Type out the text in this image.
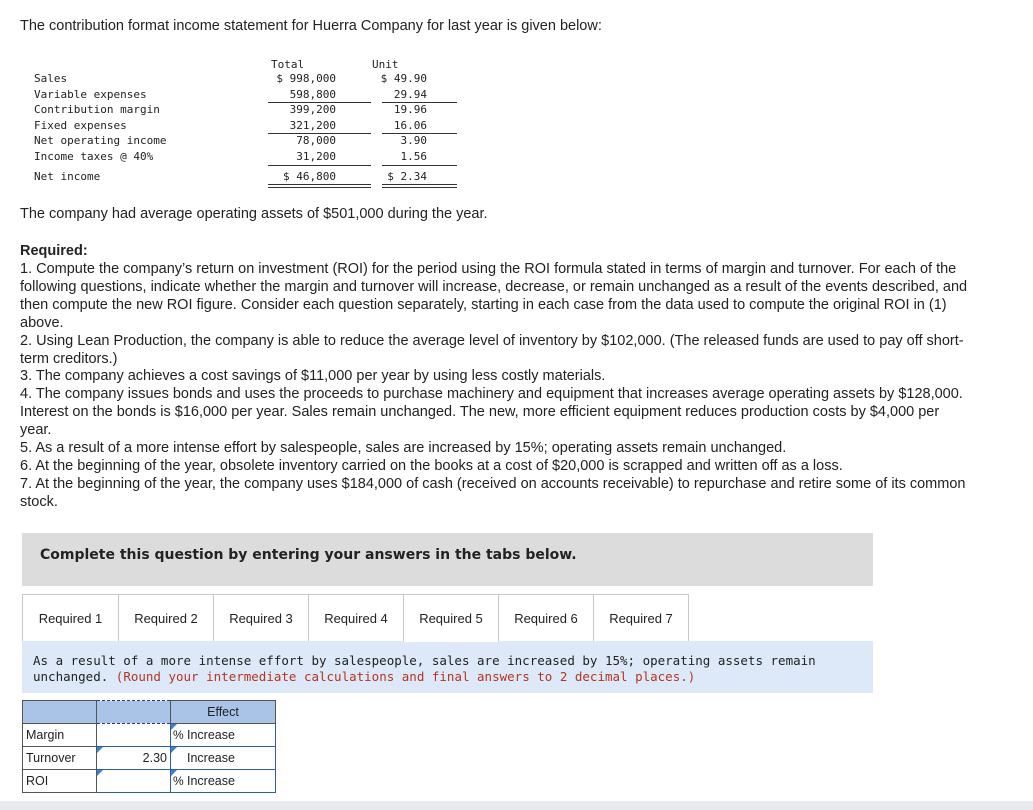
The contribution format income statement for Huerra Company for last year is given below:
Total	Unit
Sales	$ 998,000	$ 49.90
Variable expenses	598,800	29.94
Contribution margin	399,200	19.96
Fixed expenses	321,200	16.06
Net operating income	78,000	3.90
Income taxes @ 40%	31,200	1.56
Net income	$ 46,800	$ 2.34
The company had average operating assets of $501,000 during the year.
Required:

1. Compute the company’s return on investment (ROI) for the period using the ROI formula stated in terms of margin and turnover. For each of the following questions, indicate whether the margin and turnover will increase, decrease, or remain unchanged as a result of the events described, and then compute the new ROI figure. Consider each question separately, starting in each case from the data used to compute the original ROI in (1) above.

2. Using Lean Production, the company is able to reduce the average level of inventory by $102,000. (The released funds are used to pay off short-term creditors.)

3. The company achieves a cost savings of $11,000 per year by using less costly materials.

4. The company issues bonds and uses the proceeds to purchase machinery and equipment that increases average operating assets by $128,000. Interest on the bonds is $16,000 per year. Sales remain unchanged. The new, more efficient equipment reduces production costs by $4,000 per year.

5. As a result of a more intense effort by salespeople, sales are increased by 15%; operating assets remain unchanged.

6. At the beginning of the year, obsolete inventory carried on the books at a cost of $20,000 is scrapped and written off as a loss.

7. At the beginning of the year, the company uses $184,000 of cash (received on accounts receivable) to repurchase and retire some of its common stock.

Complete this question by entering your answers in the tabs below.
Required 1	Required 2	Required 3	Required 4	Required 5	Required 6	Required 7
As a result of a more intense effort by salespeople, sales are increased by 15%; operating assets remain unchanged. (Round your intermediate calculations and final answers to 2 decimal places.)
		Effect
Margin		% Increase
Turnover	2.30	Increase
ROI		% Increase
